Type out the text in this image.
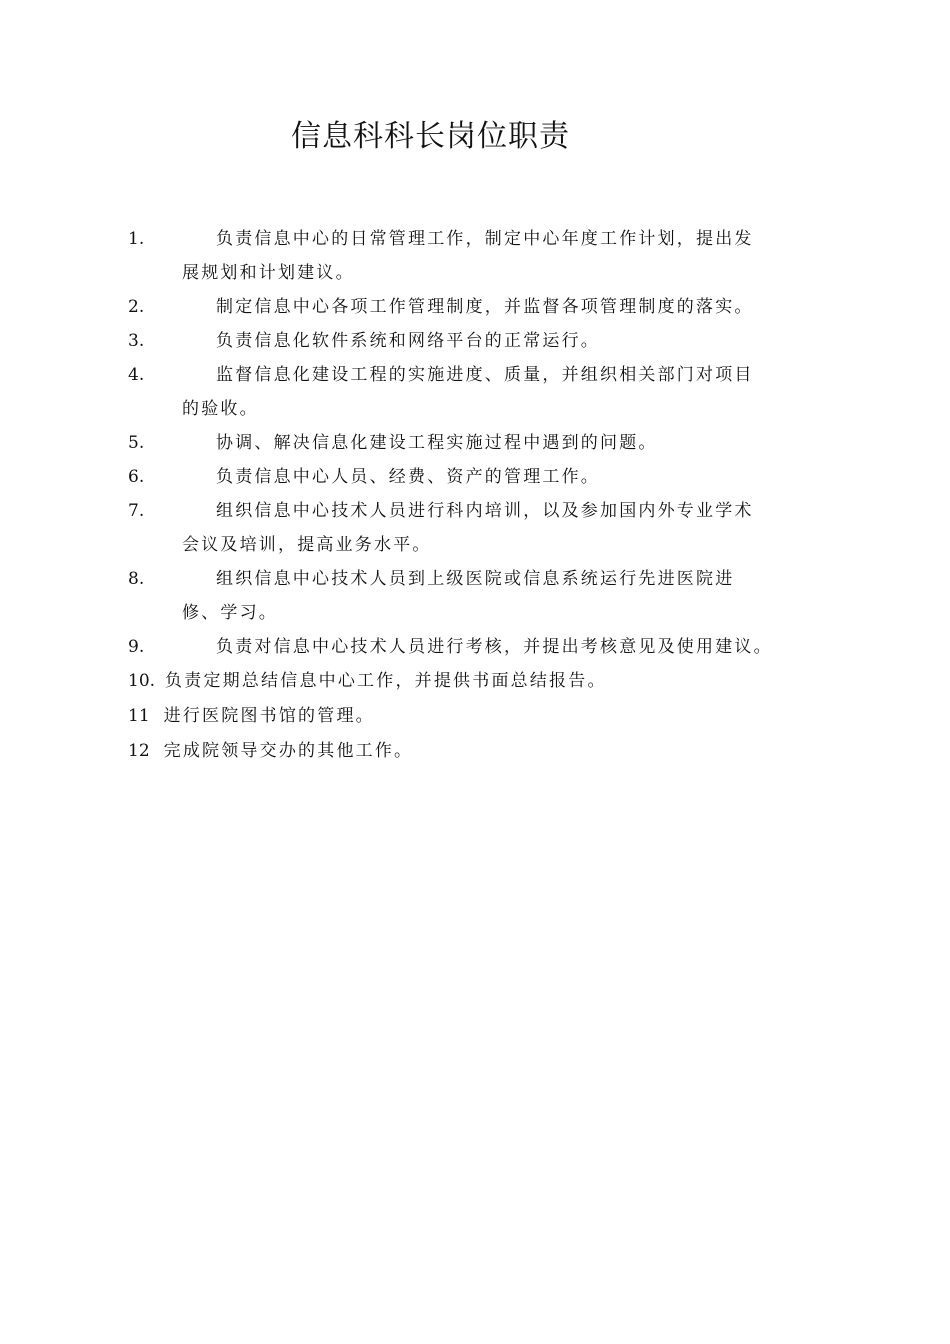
信息科科长岗位职责
1.	负责信息中心的日常管理工作，制定中心年度工作计划，提出发
展规划和计划建议。
2.	制定信息中心各项工作管理制度，并监督各项管理制度的落实。
3.	负责信息化软件系统和网络平台的正常运行。
4.	监督信息化建设工程的实施进度、质量，并组织相关部门对项目
的验收。
5.	协调、解决信息化建设工程实施过程中遇到的问题。
6.	负责信息中心人员、经费、资产的管理工作。
7.	组织信息中心技术人员进行科内培训，以及参加国内外专业学术
会议及培训，提高业务水平。
8.	组织信息中心技术人员到上级医院或信息系统运行先进医院进
修、学习。
9.	负责对信息中心技术人员进行考核，并提出考核意见及使用建议。
10. 负责定期总结信息中心工作，并提供书面总结报告。
11 进行医院图书馆的管理。
12 完成院领导交办的其他工作。
